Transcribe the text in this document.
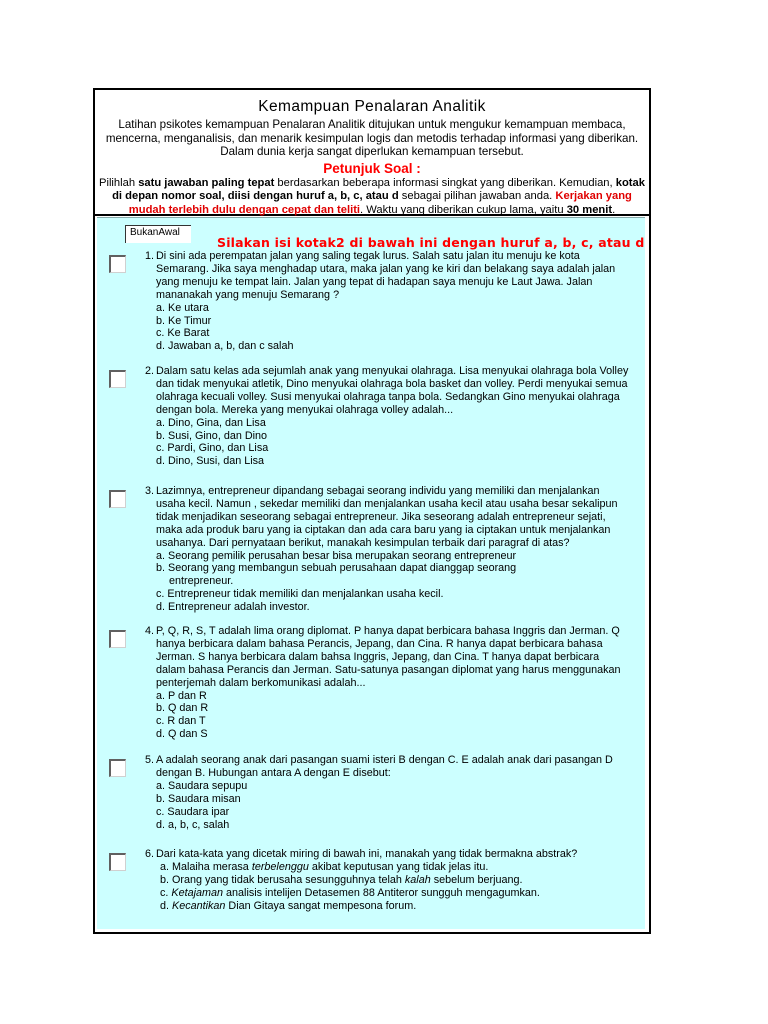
Kemampuan Penalaran Analitik
Latihan psikotes kemampuan Penalaran Analitik ditujukan untuk mengukur kemampuan membaca, mencerna, menganalisis, dan menarik kesimpulan logis dan metodis terhadap informasi yang diberikan. Dalam dunia kerja sangat diperlukan kemampuan tersebut.
Petunjuk Soal :
Pilihlah satu jawaban paling tepat berdasarkan beberapa informasi singkat yang diberikan. Kemudian, kotak di depan nomor soal, diisi dengan huruf a, b, c, atau d sebagai pilihan jawaban anda. Kerjakan yang mudah terlebih dulu dengan cepat dan teliti. Waktu yang diberikan cukup lama, yaitu 30 menit.
BukanAwal
Silakan isi kotak2 di bawah ini dengan huruf a, b, c, atau d
1. Di sini ada perempatan jalan yang saling tegak lurus. Salah satu jalan itu menuju ke kota Semarang. Jika saya menghadap utara, maka jalan yang ke kiri dan belakang saya adalah jalan yang menuju ke tempat lain. Jalan yang tepat di hadapan saya menuju ke Laut Jawa. Jalan mananakah yang menuju Semarang ?
a. Ke utara
b. Ke Timur
c. Ke Barat
d. Jawaban a, b, dan c salah
2. Dalam satu kelas ada sejumlah anak yang menyukai olahraga. Lisa menyukai olahraga bola Volley dan tidak menyukai atletik, Dino menyukai olahraga bola basket dan volley. Perdi menyukai semua olahraga kecuali volley. Susi menyukai olahraga tanpa bola. Sedangkan Gino menyukai olahraga dengan bola. Mereka yang menyukai olahraga volley adalah...
a. Dino, Gina, dan Lisa
b. Susi, Gino, dan Dino
c. Pardi, Gino, dan Lisa
d. Dino, Susi, dan Lisa
3. Lazimnya, entrepreneur dipandang sebagai seorang individu yang memiliki dan menjalankan usaha kecil. Namun , sekedar memiliki dan menjalankan usaha kecil atau usaha besar sekalipun tidak menjadikan seseorang sebagai entrepreneur. Jika seseorang adalah entrepreneur sejati, maka ada produk baru yang ia ciptakan dan ada cara baru yang ia ciptakan untuk menjalankan usahanya. Dari pernyataan berikut, manakah kesimpulan terbaik dari paragraf di atas?
a. Seorang pemilik perusahan besar bisa merupakan seorang entrepreneur
b. Seorang yang membangun sebuah perusahaan dapat dianggap seorang
entrepreneur.
c. Entrepreneur tidak memiliki dan menjalankan usaha kecil.
d. Entrepreneur adalah investor.
4. P, Q, R, S, T adalah lima orang diplomat. P hanya dapat berbicara bahasa Inggris dan Jerman. Q hanya berbicara dalam bahasa Perancis, Jepang, dan Cina. R hanya dapat berbicara bahasa Jerman. S hanya berbicara dalam bahsa Inggris, Jepang, dan Cina. T hanya dapat berbicara dalam bahasa Perancis dan Jerman. Satu-satunya pasangan diplomat yang harus menggunakan penterjemah dalam berkomunikasi adalah...
a. P dan R
b. Q dan R
c. R dan T
d. Q dan S
5. A adalah seorang anak dari pasangan suami isteri B dengan C. E adalah anak dari pasangan D dengan B. Hubungan antara A dengan E disebut:
a. Saudara sepupu
b. Saudara misan
c. Saudara ipar
d. a, b, c, salah
6. Dari kata-kata yang dicetak miring di bawah ini, manakah yang tidak bermakna abstrak?
a. Malaiha merasa terbelenggu akibat keputusan yang tidak jelas itu.
b. Orang yang tidak berusaha sesungguhnya telah kalah sebelum berjuang.
c. Ketajaman analisis intelijen Detasemen 88 Antiteror sungguh mengagumkan.
d. Kecantikan Dian Gitaya sangat mempesona forum.
